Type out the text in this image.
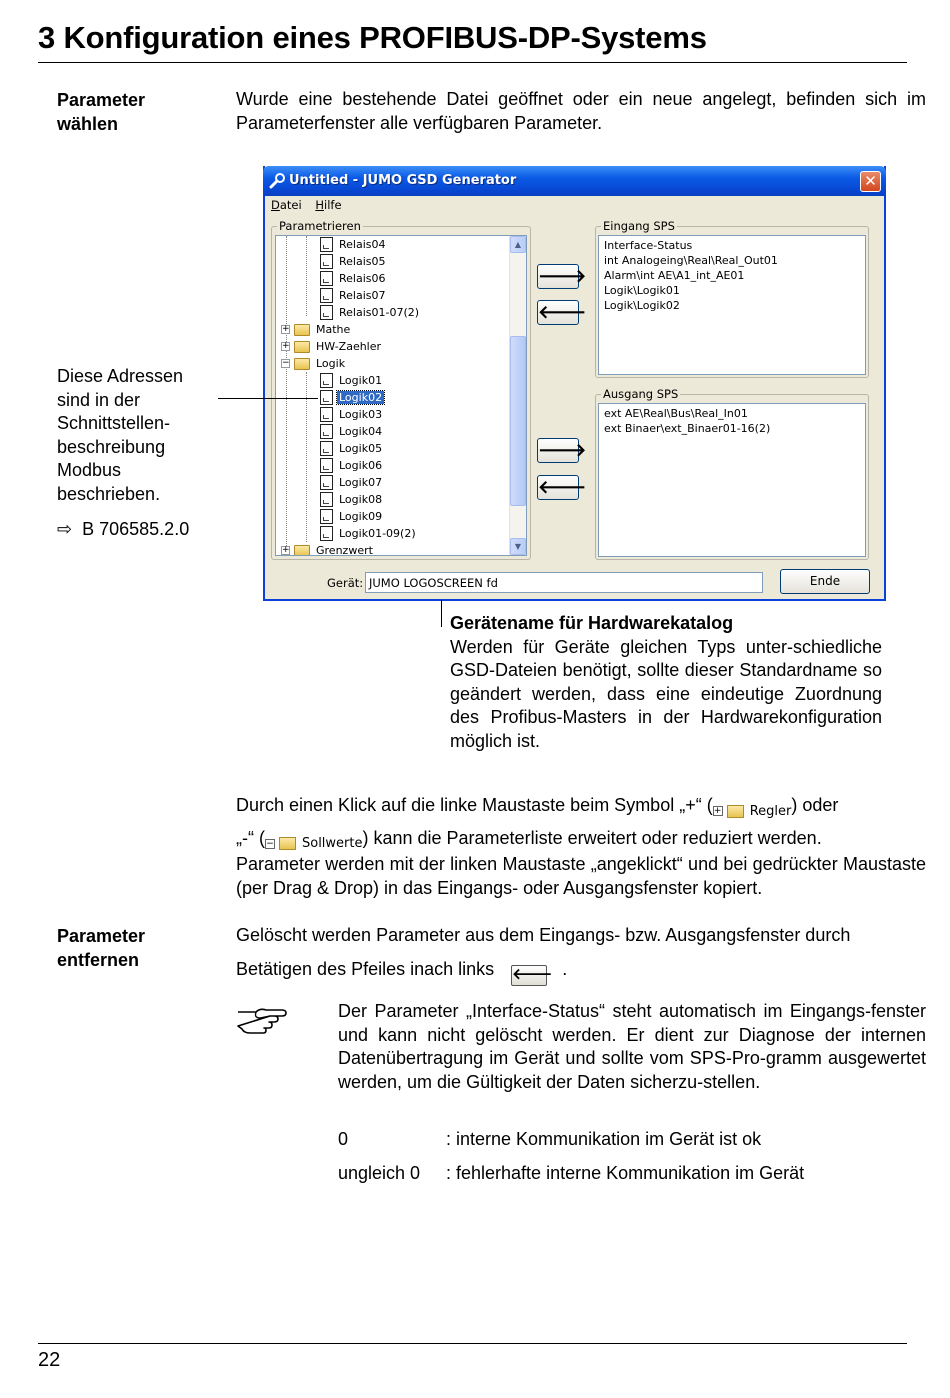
3 Konfiguration eines PROFIBUS-DP-Systems
Parameter
wählen
Wurde eine bestehende Datei geöffnet oder ein neue angelegt, befinden sich im Parameterfenster alle verfügbaren Parameter.
Untitled - JUMO GSD Generator	✕
Datei Hilfe
Parametrieren
+ Grenzwert
Logik01-09(2)
Logik09
Logik08
Logik07
Logik06
Logik05
Logik04
Logik03
Logik02
Logik01
− Logik
+ HW-Zaehler
+ Mathe
Relais01-07(2)
Relais07
Relais06
Relais05
Relais04	▲
▼
🡒
🡐
🡒
🡐
Eingang SPS
Interface-Status
int Analogeing\Real\Real_Out01
Alarm\int AE\A1_int_AE01
Logik\Logik01
Logik\Logik02
Ausgang SPS
ext AE\Real\Bus\Real_In01
ext Binaer\ext_Binaer01-16(2)
Gerät: JUMO LOGOSCREEN fd	Ende
Diese Adressen
sind in der
Schnittstellen-
beschreibung
Modbus
beschrieben.
⇨ B 706585.2.0
Gerätename für Hardwarekatalog
Werden für Geräte gleichen Typs unter-schiedliche GSD-Dateien benötigt, sollte dieser Standardname so geändert werden, dass eine eindeutige Zuordnung des Profibus-Masters in der Hardwarekonfiguration möglich ist.
Durch einen Klick auf die linke Maustaste beim Symbol „+“ ( + Regler ) oder
„-“ ( − Sollwerte ) kann die Parameterliste erweitert oder reduziert werden.
Parameter werden mit der linken Maustaste „angeklickt“ und bei gedrückter Maustaste (per Drag & Drop) in das Eingangs- oder Ausgangsfenster kopiert.
Parameter
entfernen
Gelöscht werden Parameter aus dem Eingangs- bzw. Ausgangsfenster durch
Betätigen des Pfeiles inach links 🡐 .
Der Parameter „Interface-Status“ steht automatisch im Eingangs-fenster und kann nicht gelöscht werden. Er dient zur Diagnose der internen Datenübertragung im Gerät und sollte vom SPS-Pro-gramm ausgewertet werden, um die Gültigkeit der Daten sicherzu-stellen.
0	: interne Kommunikation im Gerät ist ok
ungleich 0	: fehlerhafte interne Kommunikation im Gerät
22
